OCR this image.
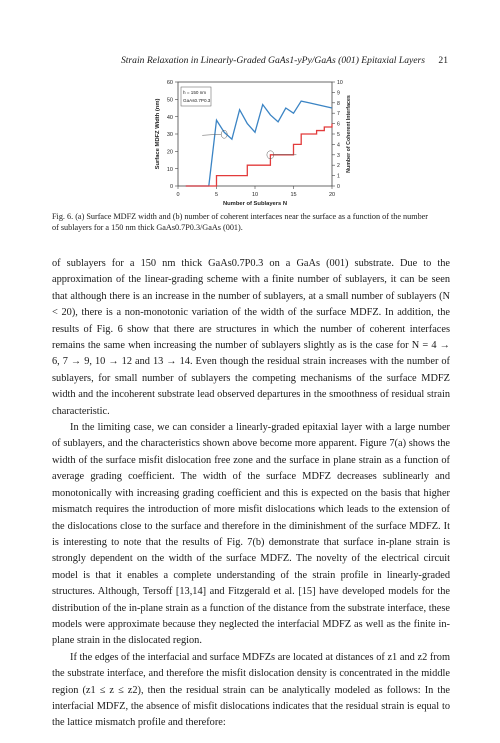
Strain Relaxation in Linearly-Graded GaAs1-yPy/GaAs (001) Epitaxial Layers 21
0
10
20
30
40
50
60
0
1
2
3
4
5
6
7
8
9
10
0	5	10	15	20
Number of Sublayers N
Surface MDFZ Width (nm)	Number of Coherent Interfaces
h = 150 nm
GaAs0.7P0.3
Fig. 6. (a) Surface MDFZ width and (b) number of coherent interfaces near the surface as a function of the number
of sublayers for a 150 nm thick GaAs0.7P0.3/GaAs (001).

of sublayers for a 150 nm thick GaAs0.7P0.3 on a GaAs (001) substrate. Due to the approximation of the linear-grading scheme with a finite number of sublayers, it can be seen that although there is an increase in the number of sublayers, at a small number of sublayers (N < 20), there is a non-monotonic variation of the width of the surface MDFZ. In addition, the results of Fig. 6 show that there are structures in which the number of coherent interfaces remains the same when increasing the number of sublayers slightly as is the case for N = 4 → 6, 7 → 9, 10 → 12 and 13 → 14. Even though the residual strain increases with the number of sublayers, for small number of sublayers the competing mechanisms of the surface MDFZ width and the incoherent substrate lead observed departures in the smoothness of residual strain characteristic.

In the limiting case, we can consider a linearly-graded epitaxial layer with a large number of sublayers, and the characteristics shown above become more apparent. Figure 7(a) shows the width of the surface misfit dislocation free zone and the surface in plane strain as a function of average grading coefficient. The width of the surface MDFZ decreases sublinearly and monotonically with increasing grading coefficient and this is expected on the basis that higher mismatch requires the introduction of more misfit dislocations which leads to the extension of the dislocations close to the surface and therefore in the diminishment of the surface MDFZ. It is interesting to note that the results of Fig. 7(b) demonstrate that surface in-plane strain is strongly dependent on the width of the surface MDFZ. The novelty of the electrical circuit model is that it enables a complete understanding of the strain profile in linearly-graded structures. Although, Tersoff [13,14] and Fitzgerald et al. [15] have developed models for the distribution of the in-plane strain as a function of the distance from the substrate interface, these models were approximate because they neglected the interfacial MDFZ as well as the finite in-plane strain in the dislocated region.

If the edges of the interfacial and surface MDFZs are located at distances of z1 and z2 from the substrate interface, and therefore the misfit dislocation density is concentrated in the middle region (z1 ≤ z ≤ z2), then the residual strain can be analytically modeled as follows: In the interfacial MDFZ, the absence of misfit dislocations indicates that the residual strain is equal to the lattice mismatch profile and therefore:
